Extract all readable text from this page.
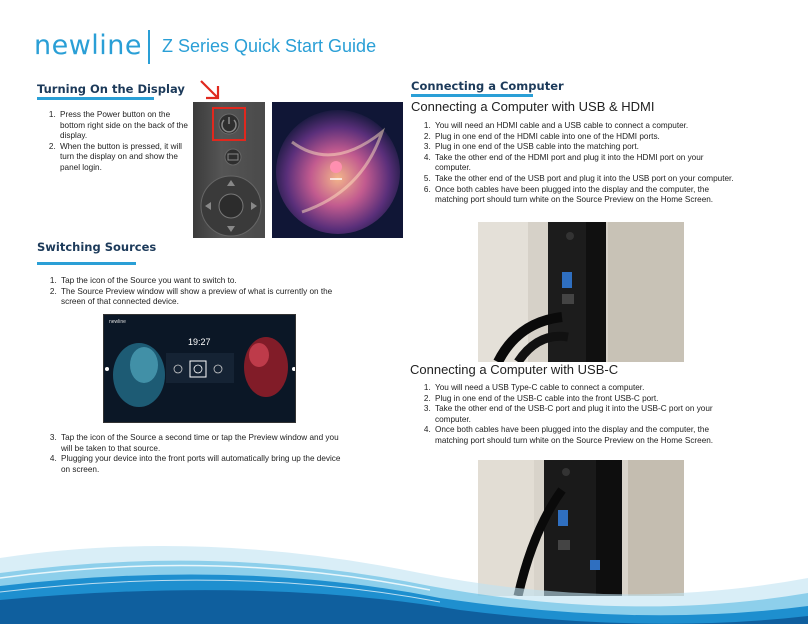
newline Z Series Quick Start Guide
Turning On the Display
1. Press the Power button on the bottom right side on the back of the display.
2. When the button is pressed, it will turn the display on and show the panel login.
Switching Sources
1. Tap the icon of the Source you want to switch to.
2. The Source Preview window will show a preview of what is currently on the screen of that connected device.
newline
19:27
3. Tap the icon of the Source a second time or tap the Preview window and you will be taken to that source.
4. Plugging your device into the front ports will automatically bring up the device on screen.
Connecting a Computer
Connecting a Computer with USB & HDMI
1. You will need an HDMI cable and a USB cable to connect a computer.
2. Plug in one end of the HDMI cable into one of the HDMI ports.
3. Plug in one end of the USB cable into the matching port.
4. Take the other end of the HDMI port and plug it into the HDMI port on your computer.
5. Take the other end of the USB port and plug it into the USB port on your computer.
6. Once both cables have been plugged into the display and the computer, the matching port should turn white on the Source Preview on the Home Screen.
Connecting a Computer with USB-C
1. You will need a USB Type-C cable to connect a computer.
2. Plug in one end of the USB-C cable into the front USB-C port.
3. Take the other end of the USB-C port and plug it into the USB-C port on your computer.
4. Once both cables have been plugged into the display and the computer, the matching port should turn white on the Source Preview on the Home Screen.
